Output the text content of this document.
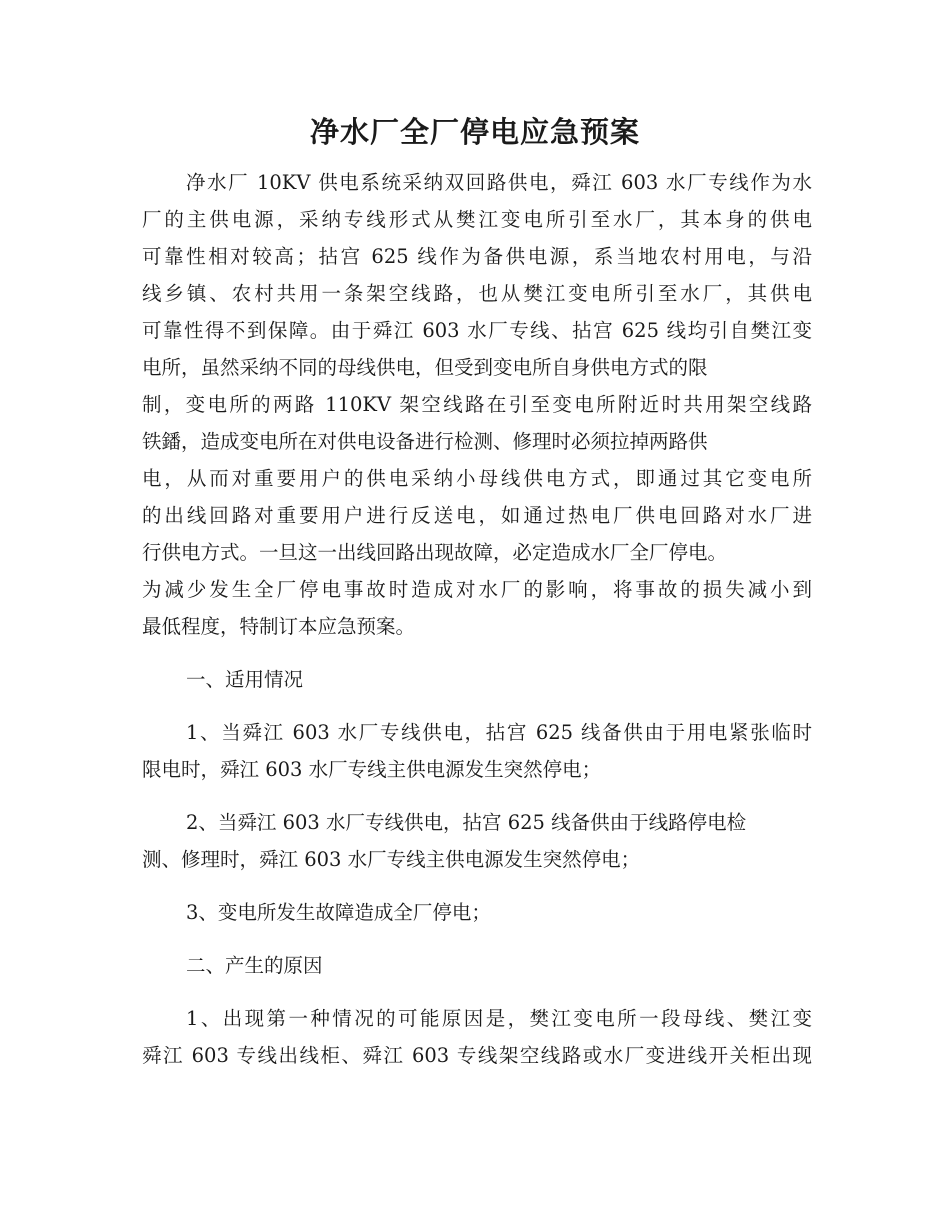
净水厂全厂停电应急预案
净水厂 10KV 供电系统采纳双回路供电，舜江 603 水厂专线作为水
厂的主供电源，采纳专线形式从樊江变电所引至水厂，其本身的供电
可靠性相对较高；拈宫 625 线作为备供电源，系当地农村用电，与沿
线乡镇、农村共用一条架空线路，也从樊江变电所引至水厂，其供电
可靠性得不到保障。由于舜江 603 水厂专线、拈宫 625 线均引自樊江变
电所，虽然采纳不同的母线供电，但受到变电所自身供电方式的限
制，变电所的两路 110KV 架空线路在引至变电所附近时共用架空线路
铁鐇，造成变电所在对供电设备进行检测、修理时必须拉掉两路供
电，从而对重要用户的供电采纳小母线供电方式，即通过其它变电所
的出线回路对重要用户进行反送电，如通过热电厂供电回路对水厂进
行供电方式。一旦这一出线回路出现故障，必定造成水厂全厂停电。
为减少发生全厂停电事故时造成对水厂的影响，将事故的损失减小到
最低程度，特制订本应急预案。
一、适用情况
1、当舜江 603 水厂专线供电，拈宫 625 线备供由于用电紧张临时
限电时，舜江 603 水厂专线主供电源发生突然停电；
2、当舜江 603 水厂专线供电，拈宫 625 线备供由于线路停电检
测、修理时，舜江 603 水厂专线主供电源发生突然停电；
3、变电所发生故障造成全厂停电；
二、产生的原因
1、出现第一种情况的可能原因是，樊江变电所一段母线、樊江变
舜江 603 专线出线柜、舜江 603 专线架空线路或水厂变进线开关柜出现
